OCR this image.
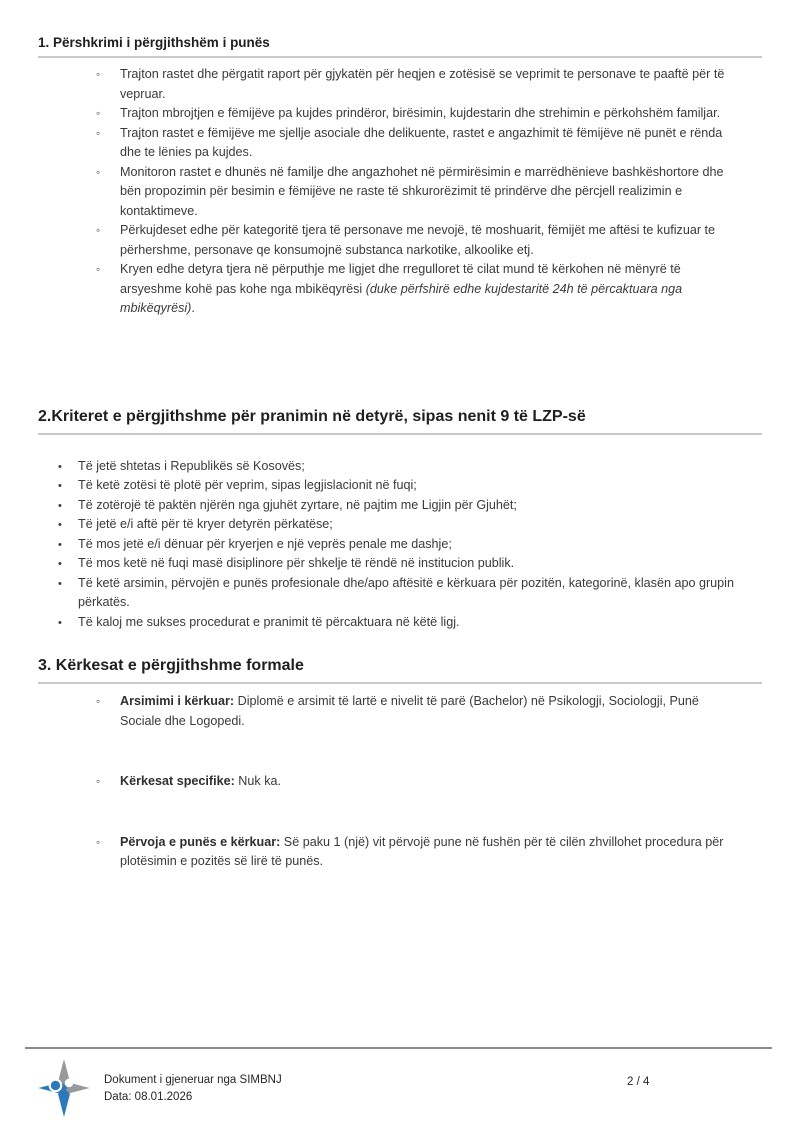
1. Përshkrimi i përgjithshëm i punës
◦
Trajton rastet dhe përgatit raport për gjykatën për heqjen e zotësisë se veprimit te personave te paaftë për të vepruar.
◦
Trajton mbrojtjen e fëmijëve pa kujdes prindëror, birësimin, kujdestarin dhe strehimin e përkohshëm familjar.
◦
Trajton rastet e fëmijëve me sjellje asociale dhe delikuente, rastet e angazhimit të fëmijëve në punët e rënda dhe te lënies pa kujdes.
◦
Monitoron rastet e dhunës në familje dhe angazhohet në përmirësimin e marrëdhënieve bashkëshortore dhe bën propozimin për besimin e fëmijëve ne raste të shkurorëzimit të prindërve dhe përcjell realizimin e kontaktimeve.
◦
Përkujdeset edhe për kategoritë tjera të personave me nevojë, të moshuarit, fëmijët me aftësi te kufizuar te përhershme, personave qe konsumojnë substanca narkotike, alkoolike etj.
◦
Kryen edhe detyra tjera në përputhje me ligjet dhe rregulloret të cilat mund të kërkohen në mënyrë të arsyeshme kohë pas kohe nga mbikëqyrësi (duke përfshirë edhe kujdestaritë 24h të përcaktuara nga mbikëqyrësi).
2.Kriteret e përgjithshme për pranimin në detyrë, sipas nenit 9 të LZP-së
•
Të jetë shtetas i Republikës së Kosovës;
•
Të ketë zotësi të plotë për veprim, sipas legjislacionit në fuqi;
•
Të zotërojë të paktën njërën nga gjuhët zyrtare, në pajtim me Ligjin për Gjuhët;
•
Të jetë e/i aftë për të kryer detyrën përkatëse;
•
Të mos jetë e/i dënuar për kryerjen e një veprës penale me dashje;
•
Të mos ketë në fuqi masë disiplinore për shkelje të rëndë në institucion publik.
•
Të ketë arsimin, përvojën e punës profesionale dhe/apo aftësitë e kërkuara për pozitën, kategorinë, klasën apo grupin përkatës.
•
Të kaloj me sukses procedurat e pranimit të përcaktuara në këtë ligj.
3. Kërkesat e përgjithshme formale
◦
Arsimimi i kërkuar: Diplomë e arsimit të lartë e nivelit të parë (Bachelor) në Psikologji, Sociologji, Punë Sociale dhe Logopedi.
◦
Kërkesat specifike: Nuk ka.
◦
Përvoja e punës e kërkuar: Së paku 1 (një) vit përvojë pune në fushën për të cilën zhvillohet procedura për plotësimin e pozitës së lirë të punës.
Dokument i gjeneruar nga SIMBNJ
Data: 08.01.2026
2 / 4
